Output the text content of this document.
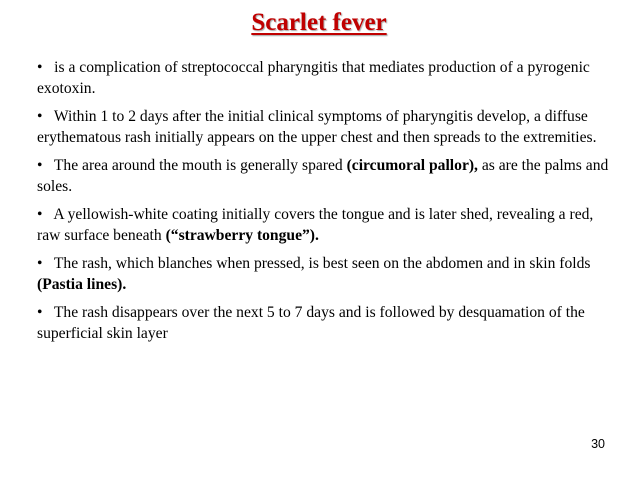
Scarlet fever
• is a complication of streptococcal pharyngitis that mediates production of a pyrogenic exotoxin.
• Within 1 to 2 days after the initial clinical symptoms of pharyngitis develop, a diffuse erythematous rash initially appears on the upper chest and then spreads to the extremities.
• The area around the mouth is generally spared (circumoral pallor), as are the palms and soles.
• A yellowish-white coating initially covers the tongue and is later shed, revealing a red, raw surface beneath (“strawberry tongue”).
• The rash, which blanches when pressed, is best seen on the abdomen and in skin folds (Pastia lines).
• The rash disappears over the next 5 to 7 days and is followed by desquamation of the superficial skin layer
30
